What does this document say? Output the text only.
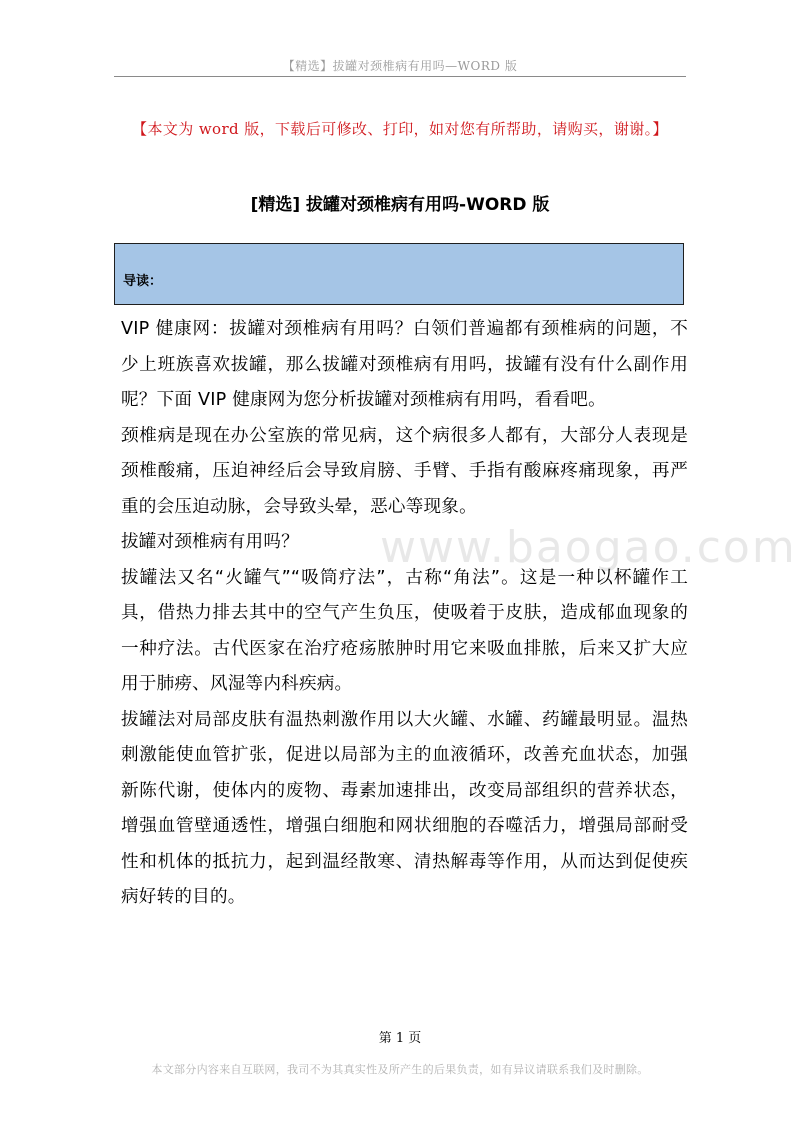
【精选】拔罐对颈椎病有用吗—WORD 版
【本文为 word 版，下载后可修改、打印，如对您有所帮助，请购买，谢谢。】
[精选] 拔罐对颈椎病有用吗-WORD 版
导读：
www.baogao.com

VIP 健康网：拔罐对颈椎病有用吗？白领们普遍都有颈椎病的问题，不少上班族喜欢拔罐，那么拔罐对颈椎病有用吗，拔罐有没有什么副作用呢？下面 VIP 健康网为您分析拔罐对颈椎病有用吗，看看吧。

颈椎病是现在办公室族的常见病，这个病很多人都有，大部分人表现是颈椎酸痛，压迫神经后会导致肩膀、手臂、手指有酸麻疼痛现象，再严重的会压迫动脉，会导致头晕，恶心等现象。

拔罐对颈椎病有用吗？

拔罐法又名“火罐气”“吸筒疗法”，古称“角法”。这是一种以杯罐作工具，借热力排去其中的空气产生负压，使吸着于皮肤，造成郁血现象的一种疗法。古代医家在治疗疮疡脓肿时用它来吸血排脓，后来又扩大应用于肺痨、风湿等内科疾病。

拔罐法对局部皮肤有温热刺激作用以大火罐、水罐、药罐最明显。温热刺激能使血管扩张，促进以局部为主的血液循环，改善充血状态，加强新陈代谢，使体内的废物、毒素加速排出，改变局部组织的营养状态，增强血管壁通透性，增强白细胞和网状细胞的吞噬活力，增强局部耐受性和机体的抵抗力，起到温经散寒、清热解毒等作用，从而达到促使疾病好转的目的。

第 1 页
本文部分内容来自互联网，我司不为其真实性及所产生的后果负责，如有异议请联系我们及时删除。
